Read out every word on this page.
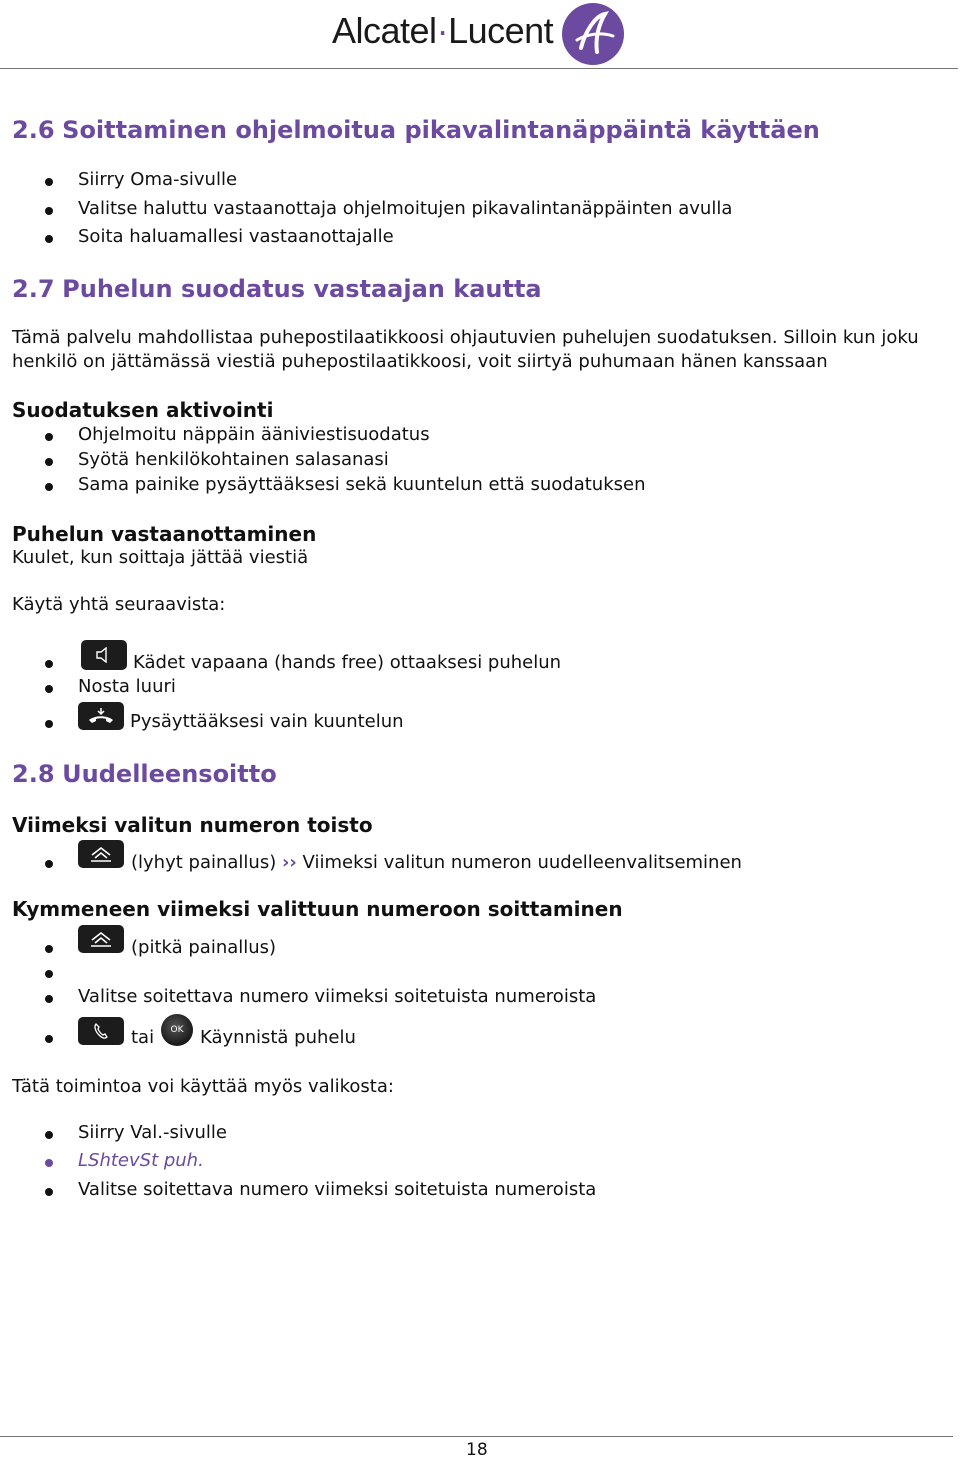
Alcatel·Lucent
2.6 Soittaminen ohjelmoitua pikavalintanäppäintä käyttäen
Siirry Oma-sivulle
Valitse haluttu vastaanottaja ohjelmoitujen pikavalintanäppäinten avulla
Soita haluamallesi vastaanottajalle
2.7 Puhelun suodatus vastaajan kautta
Tämä palvelu mahdollistaa puhepostilaatikkoosi ohjautuvien puhelujen suodatuksen. Silloin kun joku
henkilö on jättämässä viestiä puhepostilaatikkoosi, voit siirtyä puhumaan hänen kanssaan
Suodatuksen aktivointi
Ohjelmoitu näppäin ääniviestisuodatus
Syötä henkilökohtainen salasanasi
Sama painike pysäyttääksesi sekä kuuntelun että suodatuksen
Puhelun vastaanottaminen
Kuulet, kun soittaja jättää viestiä
Käytä yhtä seuraavista:
Kädet vapaana (hands free) ottaaksesi puhelun
Nosta luuri
Pysäyttääksesi vain kuuntelun
2.8 Uudelleensoitto
Viimeksi valitun numeron toisto
(lyhyt painallus) ›› Viimeksi valitun numeron uudelleenvalitseminen
Kymmeneen viimeksi valittuun numeroon soittaminen
(pitkä painallus)
Valitse soitettava numero viimeksi soitetuista numeroista
tai OK Käynnistä puhelu
Tätä toimintoa voi käyttää myös valikosta:
Siirry Val.-sivulle
LShtevSt puh.
Valitse soitettava numero viimeksi soitetuista numeroista
18
